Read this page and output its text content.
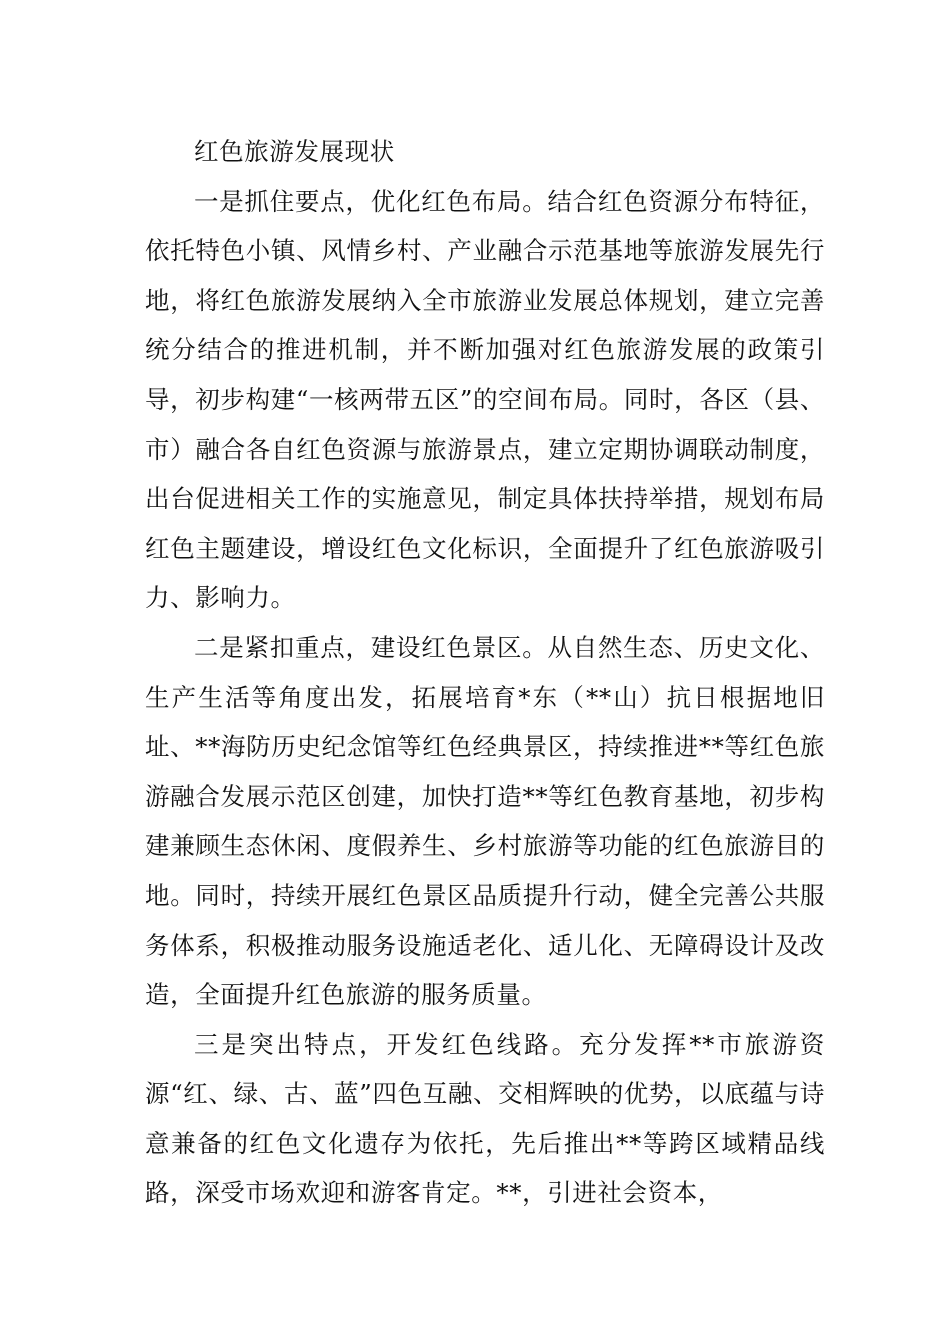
红色旅游发展现状

一是抓住要点，优化红色布局。结合红色资源分布特征，依托特色小镇、风情乡村、产业融合示范基地等旅游发展先行地，将红色旅游发展纳入全市旅游业发展总体规划，建立完善统分结合的推进机制，并不断加强对红色旅游发展的政策引导，初步构建“一核两带五区”的空间布局。同时，各区（县、市）融合各自红色资源与旅游景点，建立定期协调联动制度，出台促进相关工作的实施意见，制定具体扶持举措，规划布局红色主题建设，增设红色文化标识，全面提升了红色旅游吸引力、影响力。

二是紧扣重点，建设红色景区。从自然生态、历史文化、生产生活等角度出发，拓展培育*东（**山）抗日根据地旧址、**海防历史纪念馆等红色经典景区，持续推进**等红色旅游融合发展示范区创建，加快打造**等红色教育基地，初步构建兼顾生态休闲、度假养生、乡村旅游等功能的红色旅游目的地。同时，持续开展红色景区品质提升行动，健全完善公共服务体系，积极推动服务设施适老化、适儿化、无障碍设计及改造，全面提升红色旅游的服务质量。

三是突出特点，开发红色线路。充分发挥**市旅游资源“红、绿、古、蓝”四色互融、交相辉映的优势，以底蕴与诗意兼备的红色文化遗存为依托，先后推出**等跨区域精品线路，深受市场欢迎和游客肯定。**，引进社会资本，
